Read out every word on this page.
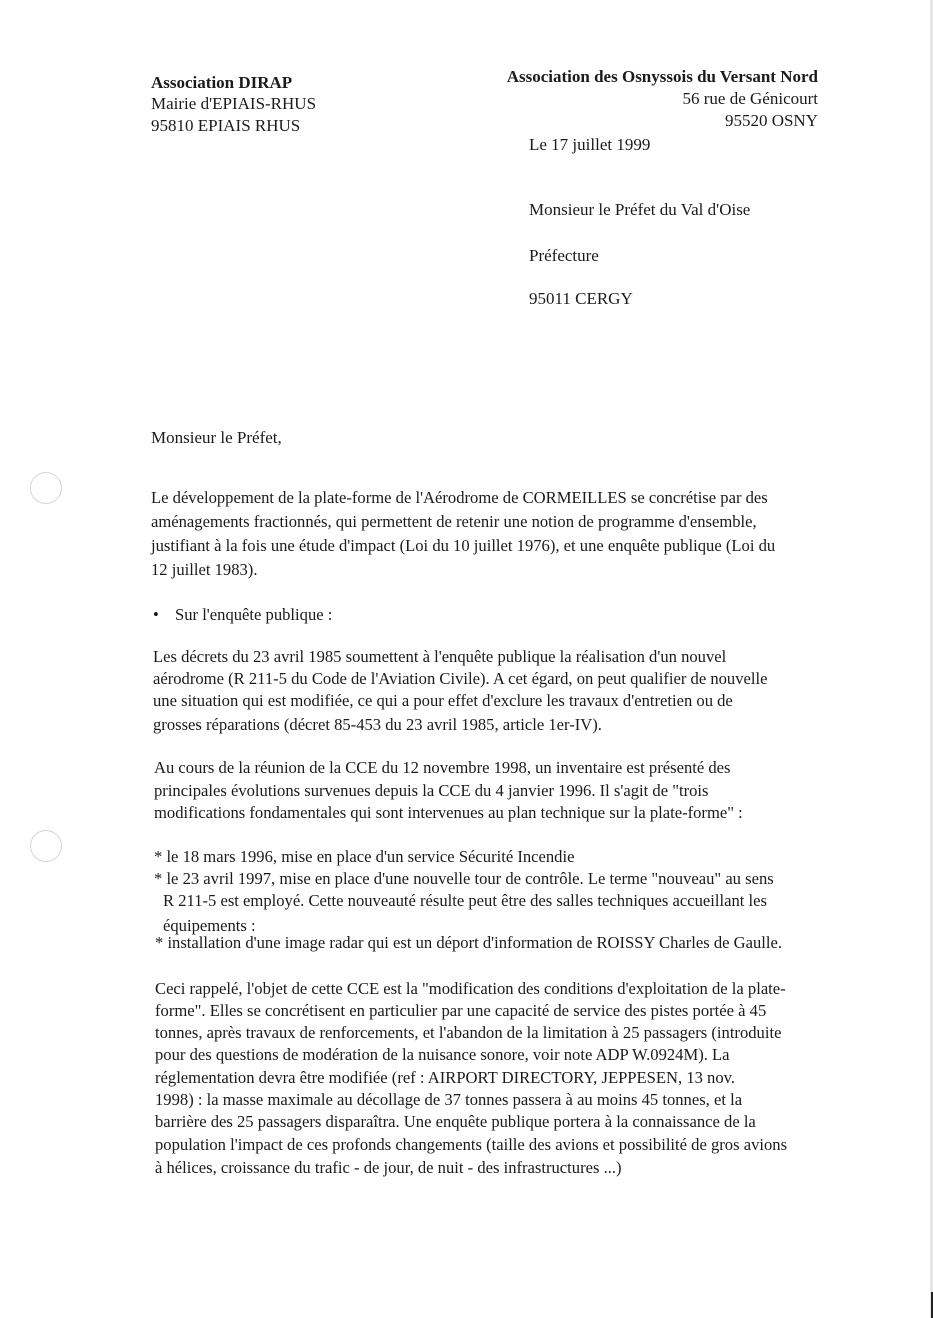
Association DIRAP
Mairie d'EPIAIS-RHUS
95810 EPIAIS RHUS
Association des Osnyssois du Versant Nord
56 rue de Génicourt
95520 OSNY
Le 17 juillet 1999
Monsieur le Préfet du Val d'Oise
Préfecture
95011 CERGY
Monsieur le Préfet,
Le développement de la plate-forme de l'Aérodrome de CORMEILLES se concrétise par des
aménagements fractionnés, qui permettent de retenir une notion de programme d'ensemble,
justifiant à la fois une étude d'impact (Loi du 10 juillet 1976), et une enquête publique (Loi du
12 juillet 1983).
• Sur l'enquête publique :
Les décrets du 23 avril 1985 soumettent à l'enquête publique la réalisation d'un nouvel
aérodrome (R 211-5 du Code de l'Aviation Civile). A cet égard, on peut qualifier de nouvelle
une situation qui est modifiée, ce qui a pour effet d'exclure les travaux d'entretien ou de
grosses réparations (décret 85-453 du 23 avril 1985, article 1er-IV).
Au cours de la réunion de la CCE du 12 novembre 1998, un inventaire est présenté des
principales évolutions survenues depuis la CCE du 4 janvier 1996. Il s'agit de "trois
modifications fondamentales qui sont intervenues au plan technique sur la plate-forme" :
* le 18 mars 1996, mise en place d'un service Sécurité Incendie
* le 23 avril 1997, mise en place d'une nouvelle tour de contrôle. Le terme "nouveau" au sens
R 211-5 est employé. Cette nouveauté résulte peut être des salles techniques accueillant les
équipements :
* installation d'une image radar qui est un déport d'information de ROISSY Charles de Gaulle.
Ceci rappelé, l'objet de cette CCE est la "modification des conditions d'exploitation de la plate-
forme". Elles se concrétisent en particulier par une capacité de service des pistes portée à 45
tonnes, après travaux de renforcements, et l'abandon de la limitation à 25 passagers (introduite
pour des questions de modération de la nuisance sonore, voir note ADP W.0924M). La
réglementation devra être modifiée (ref : AIRPORT DIRECTORY, JEPPESEN, 13 nov.
1998) : la masse maximale au décollage de 37 tonnes passera à au moins 45 tonnes, et la
barrière des 25 passagers disparaîtra. Une enquête publique portera à la connaissance de la
population l'impact de ces profonds changements (taille des avions et possibilité de gros avions
à hélices, croissance du trafic - de jour, de nuit - des infrastructures ...)
